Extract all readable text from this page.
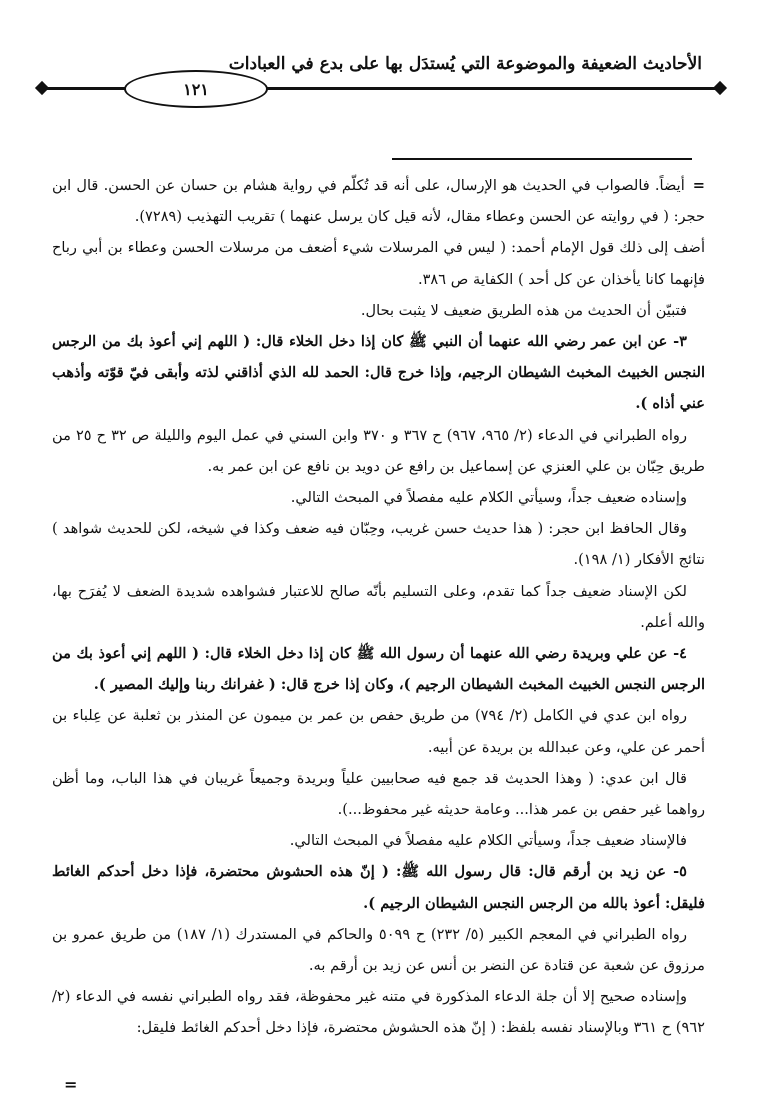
الأحاديث الضعيفة والموضوعة التي يُستدَل بها على بدع في العبادات
١٢١

=أيضاً. فالصواب في الحديث هو الإرسال، على أنه قد تُكلّم في رواية هشام بن حسان عن الحسن. قال ابن حجر: ( في روايته عن الحسن وعطاء مقال، لأنه قيل كان يرسل عنهما ) تقريب التهذيب (٧٢٨٩).

أضف إلى ذلك قول الإمام أحمد: ( ليس في المرسلات شيء أضعف من مرسلات الحسن وعطاء بن أبي رباح فإنهما كانا يأخذان عن كل أحد ) الكفاية ص ٣٨٦.

فتبيّن أن الحديث من هذه الطريق ضعيف لا يثبت بحال.

٣- عن ابن عمر رضي الله عنهما أن النبي ﷺ كان إذا دخل الخلاء قال: ( اللهم إني أعوذ بك من الرجس النجس الخبيث المخبث الشيطان الرجيم، وإذا خرج قال: الحمد لله الذي أذاقني لذته وأبقى فيّ قوّته وأذهب عني أذاه ).

رواه الطبراني في الدعاء (٢/ ٩٦٥، ٩٦٧) ح ٣٦٧ و ٣٧٠ وابن السني في عمل اليوم والليلة ص ٣٢ ح ٢٥ من طريق حِبّان بن علي العنزي عن إسماعيل بن رافع عن دويد بن نافع عن ابن عمر به.

وإسناده ضعيف جداً، وسيأتي الكلام عليه مفصلاً في المبحث التالي.

وقال الحافظ ابن حجر: ( هذا حديث حسن غريب، وحِبّان فيه ضعف وكذا في شيخه، لكن للحديث شواهد ) نتائج الأفكار (١/ ١٩٨).

لكن الإسناد ضعيف جداً كما تقدم، وعلى التسليم بأنّه صالح للاعتبار فشواهده شديدة الضعف لا يُفرَح بها، والله أعلم.

٤- عن علي وبريدة رضي الله عنهما أن رسول الله ﷺ كان إذا دخل الخلاء قال: ( اللهم إني أعوذ بك من الرجس النجس الخبيث المخبث الشيطان الرجيم )، وكان إذا خرج قال: ( غفرانك ربنا وإليك المصير ).

رواه ابن عدي في الكامل (٢/ ٧٩٤) من طريق حفص بن عمر بن ميمون عن المنذر بن ثعلبة عن عِلباء بن أحمر عن علي، وعن عبدالله بن بريدة عن أبيه.

قال ابن عدي: ( وهذا الحديث قد جمع فيه صحابيين علياً وبريدة وجميعاً غريبان في هذا الباب، وما أظن رواهما غير حفص بن عمر هذا... وعامة حديثه غير محفوظ...).

فالإسناد ضعيف جداً، وسيأتي الكلام عليه مفصلاً في المبحث التالي.

٥- عن زيد بن أرقم قال: قال رسول الله ﷺ: ( إنّ هذه الحشوش محتضرة، فإذا دخل أحدكم الغائط فليقل: أعوذ بالله من الرجس النجس الشيطان الرجيم ).

رواه الطبراني في المعجم الكبير (٥/ ٢٣٢) ح ٥٠٩٩ والحاكم في المستدرك (١/ ١٨٧) من طريق عمرو بن مرزوق عن شعبة عن قتادة عن النضر بن أنس عن زيد بن أرقم به.

وإسناده صحيح إلا أن جلة الدعاء المذكورة في متنه غير محفوظة، فقد رواه الطبراني نفسه في الدعاء (٢/ ٩٦٢) ح ٣٦١ وبالإسناد نفسه بلفظ: ( إنّ هذه الحشوش محتضرة، فإذا دخل أحدكم الغائط فليقل:

=
